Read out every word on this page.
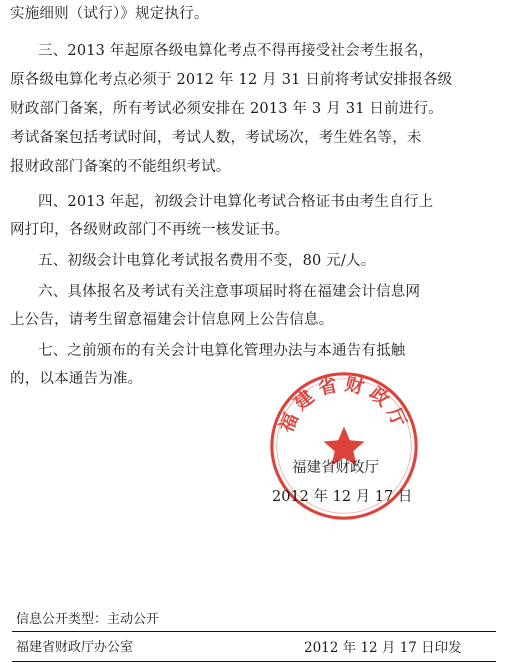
实施细则（试行）》规定执行。
三、2013 年起原各级电算化考点不得再接受社会考生报名，
原各级电算化考点必须于 2012 年 12 月 31 日前将考试安排报各级
财政部门备案，所有考试必须安排在 2013 年 3 月 31 日前进行。
考试备案包括考试时间，考试人数，考试场次，考生姓名等，未
报财政部门备案的不能组织考试。
四、2013 年起，初级会计电算化考试合格证书由考生自行上
网打印，各级财政部门不再统一核发证书。
五、初级会计电算化考试报名费用不变，80 元/人。
六、具体报名及考试有关注意事项届时将在福建会计信息网
上公告，请考生留意福建会计信息网上公告信息。
七、之前颁布的有关会计电算化管理办法与本通告有抵触
的，以本通告为准。
福建省财政厅
福建省财政厅
2012 年 12 月 17 日
信息公开类型：主动公开
福建省财政厅办公室	2012 年 12 月 17 日印发
